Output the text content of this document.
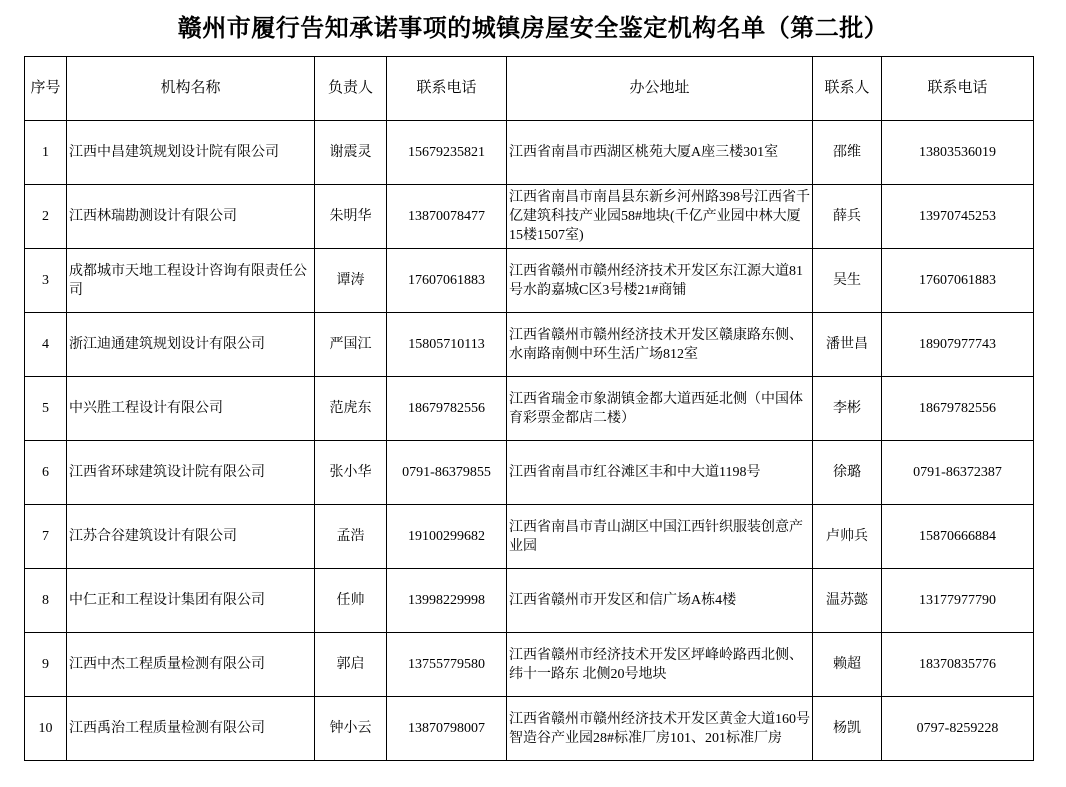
赣州市履行告知承诺事项的城镇房屋安全鉴定机构名单（第二批）
序号	机构名称	负责人	联系电话	办公地址	联系人	联系电话
1	江西中昌建筑规划设计院有限公司	谢震灵	15679235821	江西省南昌市西湖区桃苑大厦A座三楼301室	邵维	13803536019
2	江西林瑞勘测设计有限公司	朱明华	13870078477	江西省南昌市南昌县东新乡河州路398号江西省千亿建筑科技产业园58#地块(千亿产业园中林大厦15楼1507室)	薛兵	13970745253
3	成都城市天地工程设计咨询有限责任公司	谭涛	17607061883	江西省赣州市赣州经济技术开发区东江源大道81号水韵嘉城C区3号楼21#商铺	吴生	17607061883
4	浙江迪通建筑规划设计有限公司	严国江	15805710113	江西省赣州市赣州经济技术开发区赣康路东侧、水南路南侧中环生活广场812室	潘世昌	18907977743
5	中兴胜工程设计有限公司	范虎东	18679782556	江西省瑞金市象湖镇金都大道西延北侧（中国体育彩票金都店二楼）	李彬	18679782556
6	江西省环球建筑设计院有限公司	张小华	0791-86379855	江西省南昌市红谷滩区丰和中大道1198号	徐璐	0791-86372387
7	江苏合谷建筑设计有限公司	孟浩	19100299682	江西省南昌市青山湖区中国江西针织服装创意产业园	卢帅兵	15870666884
8	中仁正和工程设计集团有限公司	任帅	13998229998	江西省赣州市开发区和信广场A栋4楼	温苏懿	13177977790
9	江西中杰工程质量检测有限公司	郭启	13755779580	江西省赣州市经济技术开发区坪峰岭路西北侧、纬十一路东 北侧20号地块	赖超	18370835776
10	江西禹治工程质量检测有限公司	钟小云	13870798007	江西省赣州市赣州经济技术开发区黄金大道160号智造谷产业园28#标准厂房101、201标准厂房	杨凯	0797-8259228
